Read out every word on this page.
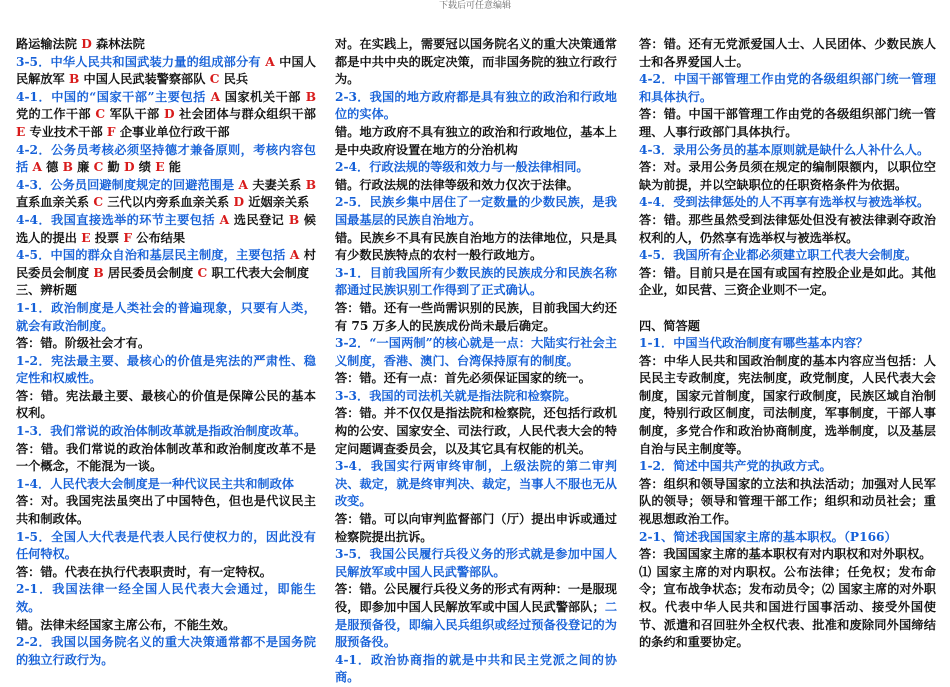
下载后可任意编辑

路运输法院 D 森林法院

3-5．中华人民共和国武装力量的组成部分有 A 中国人民解放军 B 中国人民武装警察部队 C 民兵

4-1．中国的“国家干部”主要包括 A 国家机关干部 B 党的工作干部 C 军队干部 D 社会团体与群众组织干部 E 专业技术干部 F 企事业单位行政干部

4-2．公务员考核必须坚持德才兼备原则，考核内容包括 A 德 B 廉 C 勤 D 绩 E 能

4-3．公务员回避制度规定的回避范围是 A 夫妻关系 B 直系血亲关系 C 三代以内旁系血亲关系 D 近姻亲关系

4-4．我国直接选举的环节主要包括 A 选民登记 B 候选人的提出 E 投票 F 公布结果

4-5．中国的群众自治和基层民主制度，主要包括 A 村民委员会制度 B 居民委员会制度 C 职工代表大会制度

三、辨析题

1-1．政治制度是人类社会的普遍现象，只要有人类，就会有政治制度。

答：错。阶级社会才有。

1-2．宪法最主要、最核心的价值是宪法的严肃性、稳定性和权威性。

答：错。宪法最主要、最核心的价值是保障公民的基本权利。

1-3．我们常说的政治体制改革就是指政治制度改革。

答：错。我们常说的政治体制改革和政治制度改革不是一个概念，不能混为一谈。

1-4．人民代表大会制度是一种代议民主共和制政体

答：对。我国宪法虽突出了中国特色，但也是代议民主共和制政体。

1-5．全国人大代表是代表人民行使权力的，因此没有任何特权。

答：错。代表在执行代表职责时，有一定特权。

2-1．我国法律一经全国人民代表大会通过，即能生效。

错。法律未经国家主席公布，不能生效。

2-2．我国以国务院名义的重大决策通常都不是国务院的独立行政行为。

对。在实践上，需要冠以国务院名义的重大决策通常都是中共中央的既定决策，而非国务院的独立行政行为。

2-3．我国的地方政府都是具有独立的政治和行政地位的实体。

错。地方政府不具有独立的政治和行政地位，基本上是中央政府设置在地方的分治机构

2-4．行政法规的等级和效力与一般法律相同。

错。行政法规的法律等级和效力仅次于法律。

2-5．民族乡集中居住了一定数量的少数民族，是我国最基层的民族自治地方。

错。民族乡不具有民族自治地方的法律地位，只是具有少数民族特点的农村一般行政地方。

3-1．目前我国所有少数民族的民族成分和民族名称都通过民族识别工作得到了正式确认。

答：错。还有一些尚需识别的民族，目前我国大约还有 75 万多人的民族成份尚未最后确定。

3-2．“一国两制”的核心就是一点：大陆实行社会主义制度，香港、澳门、台湾保持原有的制度。

答：错。还有一点：首先必须保证国家的统一。

3-3．我国的司法机关就是指法院和检察院。

答：错。并不仅仅是指法院和检察院，还包括行政机构的公安、国家安全、司法行政，人民代表大会的特定问题调查委员会，以及其它具有权能的机关。

3-4．我国实行两审终审制，上级法院的第二审判决、裁定，就是终审判决、裁定，当事人不服也无从改变。

答：错。可以向审判监督部门（厅）提出申诉或通过检察院提出抗诉。

3-5．我国公民履行兵役义务的形式就是参加中国人民解放军或中国人民武警部队。

答：错。公民履行兵役义务的形式有两种：一是服现役，即参加中国人民解放军或中国人民武警部队；二是服预备役，即编入民兵组织或经过预备役登记的为服预备役。

4-1．政治协商指的就是中共和民主党派之间的协商。

答：错。还有无党派爱国人士、人民团体、少数民族人士和各界爱国人士。

4-2．中国干部管理工作由党的各级组织部门统一管理和具体执行。

答：错。中国干部管理工作由党的各级组织部门统一管理、人事行政部门具体执行。

4-3．录用公务员的基本原则就是缺什么人补什么人。

答：对。录用公务员须在规定的编制限额内，以职位空缺为前提，并以空缺职位的任职资格条件为依据。

4-4．受到法律惩处的人不再享有选举权与被选举权。

答：错。那些虽然受到法律惩处但没有被法律剥夺政治权利的人，仍然享有选举权与被选举权。

4-5．我国所有企业都必须建立职工代表大会制度。

答：错。目前只是在国有或国有控股企业是如此。其他企业，如民营、三资企业则不一定。

四、简答题

1-1．中国当代政治制度有哪些基本内容？

答：中华人民共和国政治制度的基本内容应当包括：人民民主专政制度，宪法制度，政党制度，人民代表大会制度，国家元首制度，国家行政制度，民族区域自治制度，特别行政区制度，司法制度，军事制度，干部人事制度，多党合作和政治协商制度，选举制度，以及基层自治与民主制度等。

1-2．简述中国共产党的执政方式。

答：组织和领导国家的立法和执法活动；加强对人民军队的领导；领导和管理干部工作；组织和动员社会；重视思想政治工作。

2-1、简述我国国家主席的基本职权。（P166）

答：我国国家主席的基本职权有对内职权和对外职权。

⑴ 国家主席的对内职权。公布法律；任免权；发布命令；宣布战争状态；发布动员令；⑵ 国家主席的对外职权。代表中华人民共和国进行国事活动、接受外国使节、派遣和召回驻外全权代表、批准和废除同外国缔结的条约和重要协定。
